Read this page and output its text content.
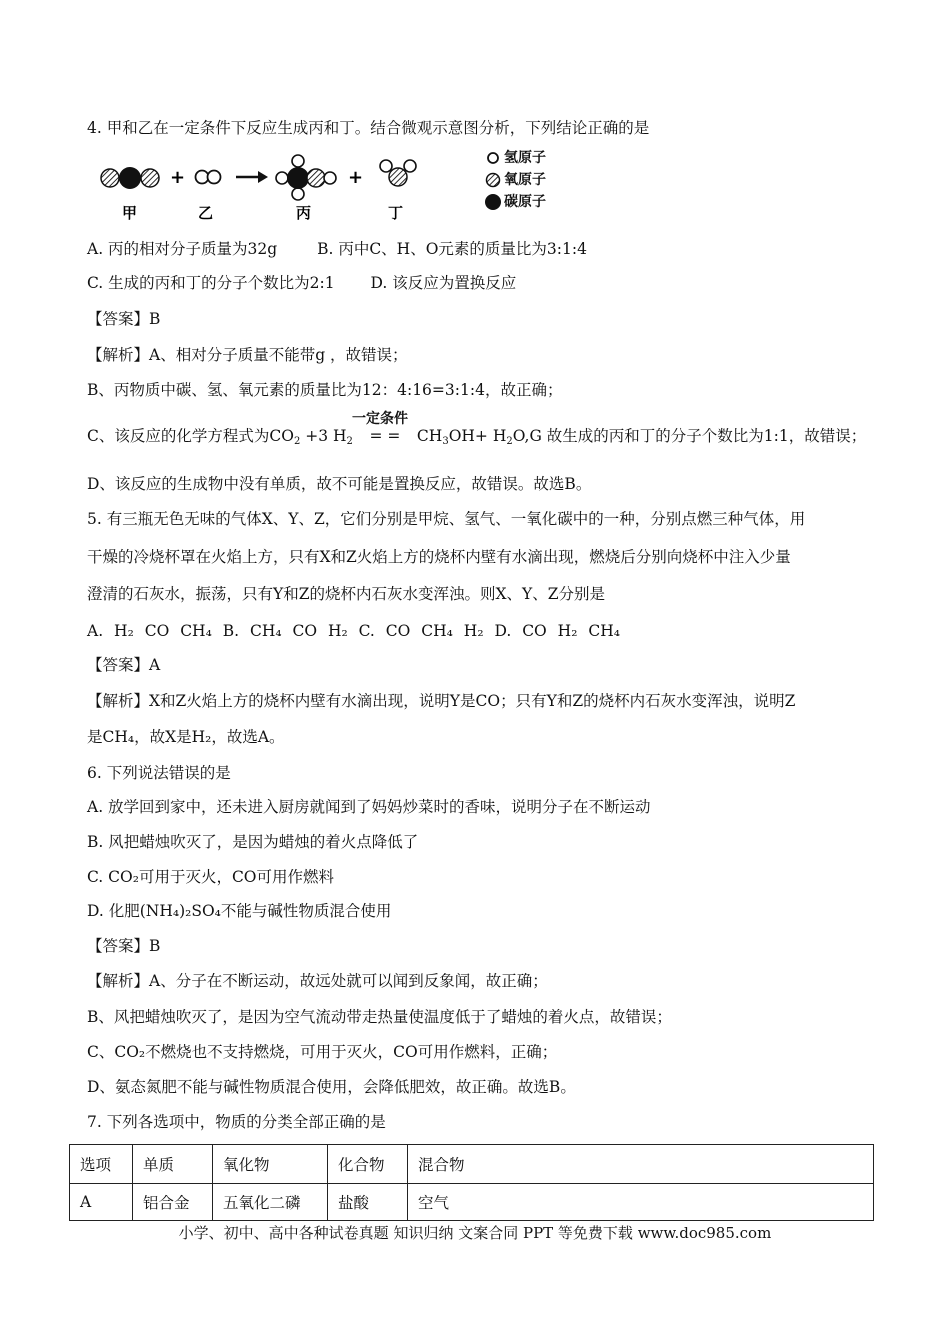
4. 甲和乙在一定条件下反应生成丙和丁。结合微观示意图分析，下列结论正确的是
+	+
甲	乙	丙	丁
氢原子
氧原子
碳原子
A. 丙的相对分子质量为32g	B. 丙中C、H、O元素的质量比为3:1:4
C. 生成的丙和丁的分子个数比为2:1 D. 该反应为置换反应
【答案】B
【解析】A、相对分子质量不能带g ，故错误；
B、丙物质中碳、氢、氧元素的质量比为12：4:16=3:1:4，故正确；
一定条件
C、该反应的化学方程式为$CO_2 +3$ $H_2= =CH_3OH+ H_2O,G$ 故生成的丙和丁的分子个数比为1:1，故错误；
D、该反应的生成物中没有单质，故不可能是置换反应，故错误。故选B。
5. 有三瓶无色无味的气体X、Y、Z，它们分别是甲烷、氢气、一氧化碳中的一种，分别点燃三种气体，用
干燥的冷烧杯罩在火焰上方，只有X和Z火焰上方的烧杯内壁有水滴出现，燃烧后分别向烧杯中注入少量
澄清的石灰水，振荡，只有Y和Z的烧杯内石灰水变浑浊。则X、Y、Z分别是
A. H₂ CO CH₄ B. CH₄ CO H₂ C. CO CH₄ H₂ D. CO H₂ CH₄
【答案】A
【解析】X和Z火焰上方的烧杯内壁有水滴出现，说明Y是CO；只有Y和Z的烧杯内石灰水变浑浊，说明Z
是CH₄，故X是H₂，故选A。
6. 下列说法错误的是
A. 放学回到家中，还未进入厨房就闻到了妈妈炒菜时的香味，说明分子在不断运动
B. 风把蜡烛吹灭了，是因为蜡烛的着火点降低了
C. CO₂可用于灭火，CO可用作燃料
D. 化肥(NH₄)₂SO₄不能与碱性物质混合使用
【答案】B
【解析】A、分子在不断运动，故远处就可以闻到反象闻，故正确；
B、风把蜡烛吹灭了，是因为空气流动带走热量使温度低于了蜡烛的着火点，故错误；
C、CO₂不燃烧也不支持燃烧，可用于灭火，CO可用作燃料，正确；
D、氨态氮肥不能与碱性物质混合使用，会降低肥效，故正确。故选B。
7. 下列各选项中，物质的分类全部正确的是
选项	单质	氧化物	化合物	混合物
A	铝合金	五氧化二磷	盐酸	空气
小学、初中、高中各种试卷真题 知识归纳 文案合同 PPT 等免费下载 www.doc985.com
